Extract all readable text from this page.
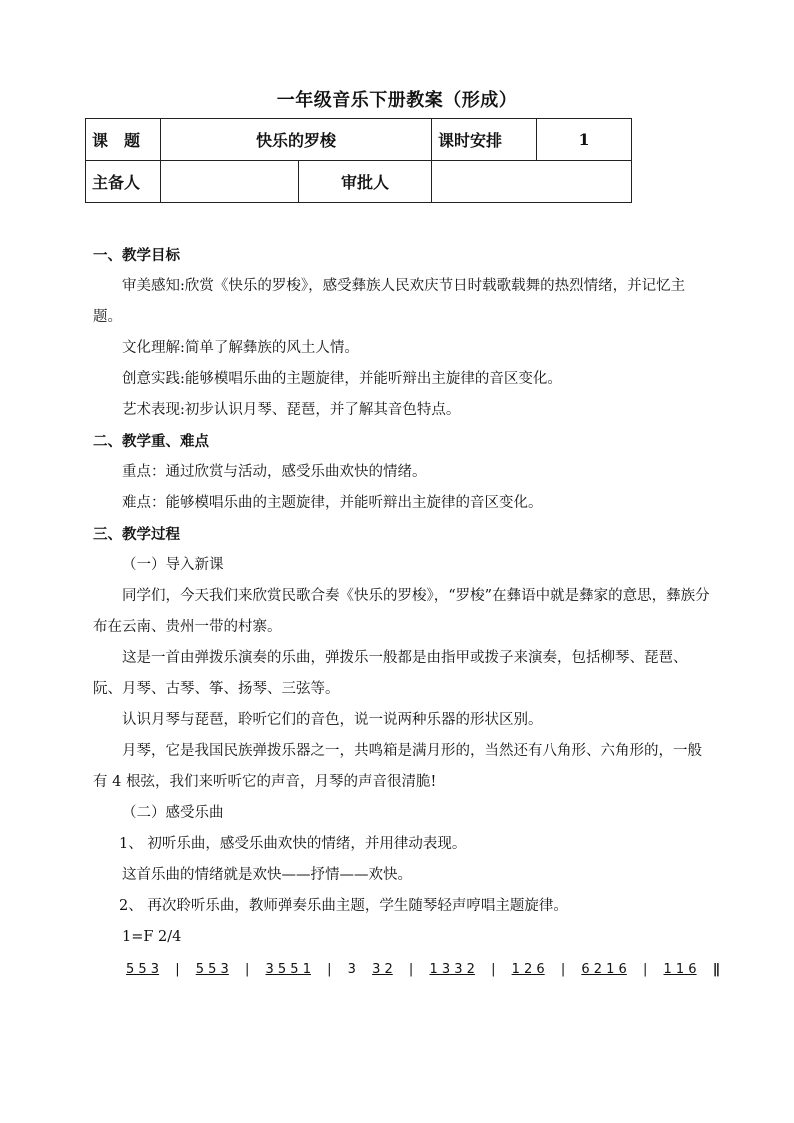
一年级音乐下册教案（形成）
课　题	快乐的罗梭		课时安排	1
主备人		审批人		

一、教学目标

审美感知:欣赏《快乐的罗梭》，感受彝族人民欢庆节日时载歌载舞的热烈情绪，并记忆主题。

文化理解:简单了解彝族的风土人情。

创意实践:能够模唱乐曲的主题旋律，并能听辩出主旋律的音区变化。

艺术表现:初步认识月琴、琵琶，并了解其音色特点。

二、教学重、难点

重点：通过欣赏与活动，感受乐曲欢快的情绪。

难点：能够模唱乐曲的主题旋律，并能听辩出主旋律的音区变化。

三、教学过程

（一）导入新课

同学们，今天我们来欣赏民歌合奏《快乐的罗梭》，“罗梭”在彝语中就是彝家的意思，彝族分布在云南、贵州一带的村寨。

这是一首由弹拨乐演奏的乐曲，弹拨乐一般都是由指甲或拨子来演奏，包括柳琴、琵琶、阮、月琴、古琴、筝、扬琴、三弦等。

认识月琴与琵琶，聆听它们的音色，说一说两种乐器的形状区别。

月琴，它是我国民族弹拨乐器之一，共鸣箱是满月形的，当然还有八角形、六角形的，一般有 4 根弦，我们来听听它的声音，月琴的声音很清脆!

（二）感受乐曲

1、 初听乐曲，感受乐曲欢快的情绪，并用律动表现。

这首乐曲的情绪就是欢快——抒情——欢快。

2、 再次聆听乐曲，教师弹奏乐曲主题，学生随琴轻声哼唱主题旋律。

1=F 2/4

5 5 3 | 5 5 3 | 3 5 5 1 | 3 3 2 | 1 3 3 2 | 1 2 6 | 6 2 1 6 | 1 1 6 ||
